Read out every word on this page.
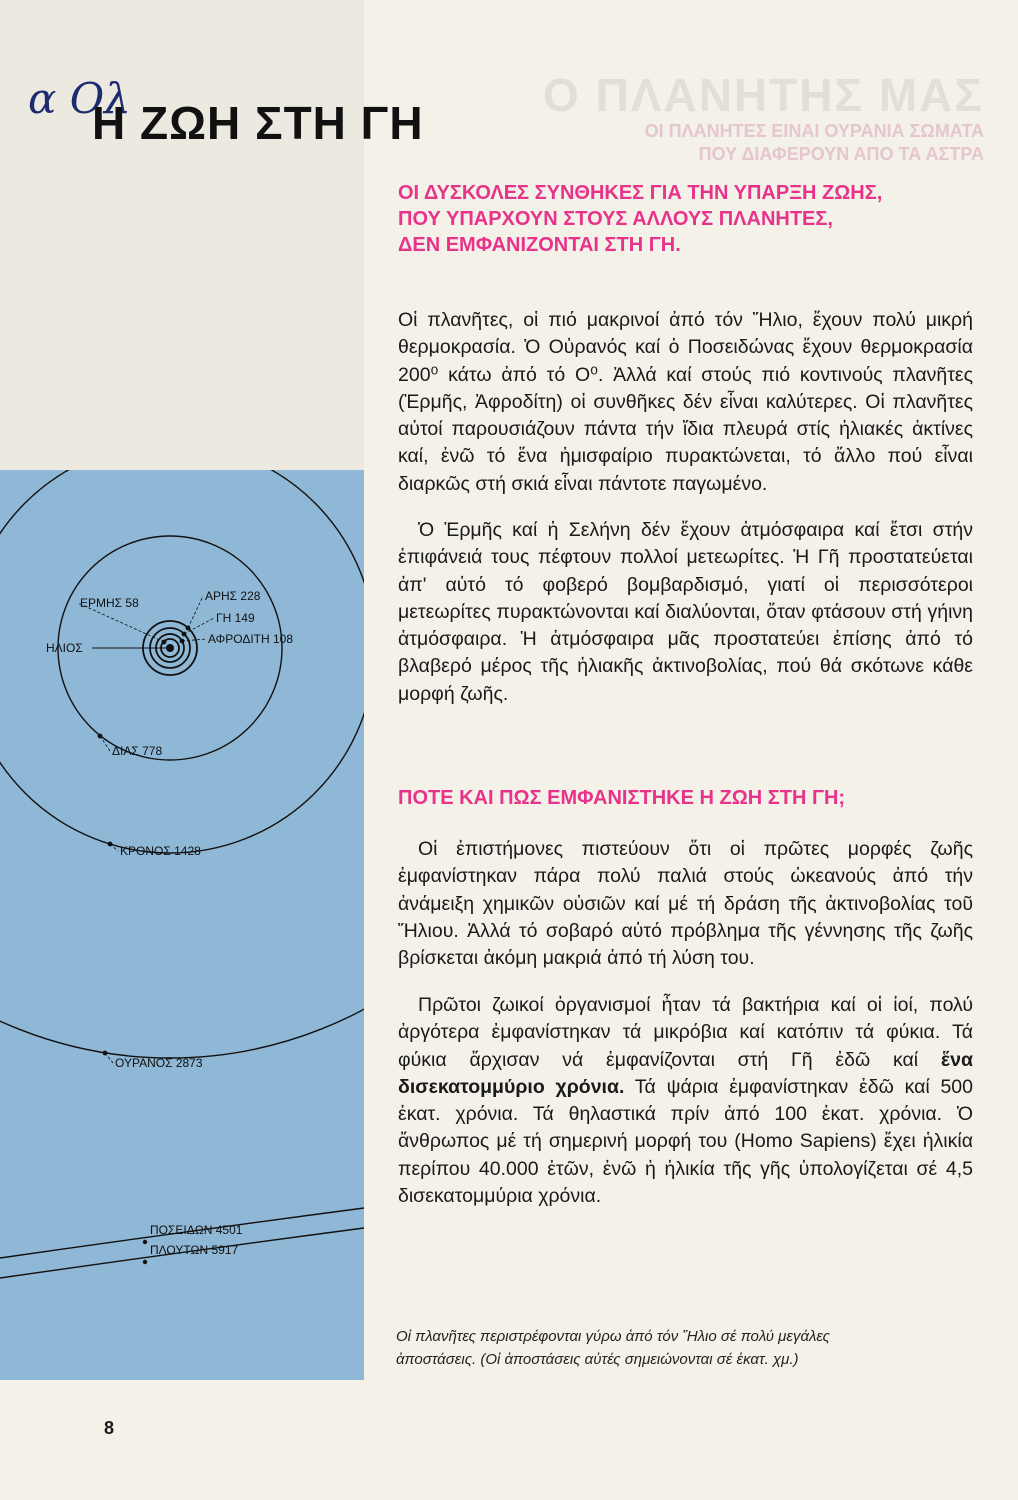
Ο ΠΛΑΝΗΤΗΣ ΜΑΣ
ΟΙ ΠΛΑΝΗΤΕΣ ΕΙΝΑΙ ΟΥΡΑΝΙΑ ΣΩΜΑΤΑ
ΠΟΥ ΔΙΑΦΕΡΟΥΝ ΑΠΟ ΤΑ ΑΣΤΡΑ
α Ολ
Η ΖΩΗ ΣΤΗ ΓΗ
ΕΡΜΗΣ 58
ΑΦΡΟΔΙΤΗ 108
ΓΗ 149
ΑΡΗΣ 228
ΔΙΑΣ 778
ΚΡΟΝΟΣ 1428
ΟΥΡΑΝΟΣ 2873
ΠΟΣΕΙΔΩΝ 4501
ΠΛΟΥΤΩΝ 5917
ΗΛΙΟΣ
ΟΙ ΔΥΣΚΟΛΕΣ ΣΥΝΘΗΚΕΣ ΓΙΑ ΤΗΝ ΥΠΑΡΞΗ ΖΩΗΣ,
ΠΟΥ ΥΠΑΡΧΟΥΝ ΣΤΟΥΣ ΑΛΛΟΥΣ ΠΛΑΝΗΤΕΣ,
ΔΕΝ ΕΜΦΑΝΙΖΟΝΤΑΙ ΣΤΗ ΓΗ.
Οἱ πλανῆτες, οἱ πιό μακρινοί ἀπό τόν Ἥλιο, ἔχουν πολύ μικρή θερμοκρασία. Ὁ Οὐρανός καί ὁ Ποσειδώνας ἔχουν θερμοκρασία 200⁰ κάτω ἀπό τό Ο⁰. Ἀλλά καί στούς πιό κοντινούς πλανῆτες (Ἑρμῆς, Ἀφροδίτη) οἱ συνθῆκες δέν εἶναι καλύτερες. Οἱ πλανῆτες αὐτοί παρουσιάζουν πάντα τήν ἴδια πλευρά στίς ἡλιακές ἀκτίνες καί, ἐνῶ τό ἕνα ἡμισφαίριο πυρακτώνεται, τό ἄλλο πού εἶναι διαρκῶς στή σκιά εἶναι πάντοτε παγωμένο.
Ὁ Ἑρμῆς καί ἡ Σελήνη δέν ἔχουν ἀτμόσφαιρα καί ἔτσι στήν ἐπιφάνειά τους πέφτουν πολλοί μετεωρίτες. Ἡ Γῆ προστατεύεται ἀπ' αὐτό τό φοβερό βομβαρδισμό, γιατί οἱ περισσότεροι μετεωρίτες πυρακτώνονται καί διαλύονται, ὅταν φτάσουν στή γήινη ἀτμόσφαιρα. Ἡ ἀτμόσφαιρα μᾶς προστατεύει ἐπίσης ἀπό τό βλαβερό μέρος τῆς ἡλιακῆς ἀκτινοβολίας, πού θά σκότωνε κάθε μορφή ζωῆς.
ΠΟΤΕ ΚΑΙ ΠΩΣ ΕΜΦΑΝΙΣΤΗΚΕ Η ΖΩΗ ΣΤΗ ΓΗ;
Οἱ ἐπιστήμονες πιστεύουν ὅτι οἱ πρῶτες μορφές ζωῆς ἐμφανίστηκαν πάρα πολύ παλιά στούς ὠκεανούς ἀπό τήν ἀνάμειξη χημικῶν οὐσιῶν καί μέ τή δράση τῆς ἀκτινοβολίας τοῦ Ἥλιου. Ἀλλά τό σοβαρό αὐτό πρόβλημα τῆς γέννησης τῆς ζωῆς βρίσκεται ἀκόμη μακριά ἀπό τή λύση του.
Πρῶτοι ζωικοί ὀργανισμοί ἦταν τά βακτήρια καί οἱ ἰοί, πολύ ἀργότερα ἐμφανίστηκαν τά μικρόβια καί κατόπιν τά φύκια. Τά φύκια ἄρχισαν νά ἐμφανίζονται στή Γῆ ἐδῶ καί ἕνα δισεκατομμύριο χρόνια. Τά ψάρια ἐμφανίστηκαν ἐδῶ καί 500 ἑκατ. χρόνια. Τά θηλαστικά πρίν ἀπό 100 ἑκατ. χρόνια. Ὁ ἄνθρωπος μέ τή σημερινή μορφή του (Homo Sapiens) ἔχει ἡλικία περίπου 40.000 ἐτῶν, ἐνῶ ἡ ἡλικία τῆς γῆς ὑπολογίζεται σέ 4,5 δισεκατομμύρια χρόνια.
Οἱ πλανῆτες περιστρέφονται γύρω ἀπό τόν Ἥλιο σέ πολύ μεγάλες ἀποστάσεις. (Οἱ ἀποστάσεις αὐτές σημειώνονται σέ ἑκατ. χμ.)
8
